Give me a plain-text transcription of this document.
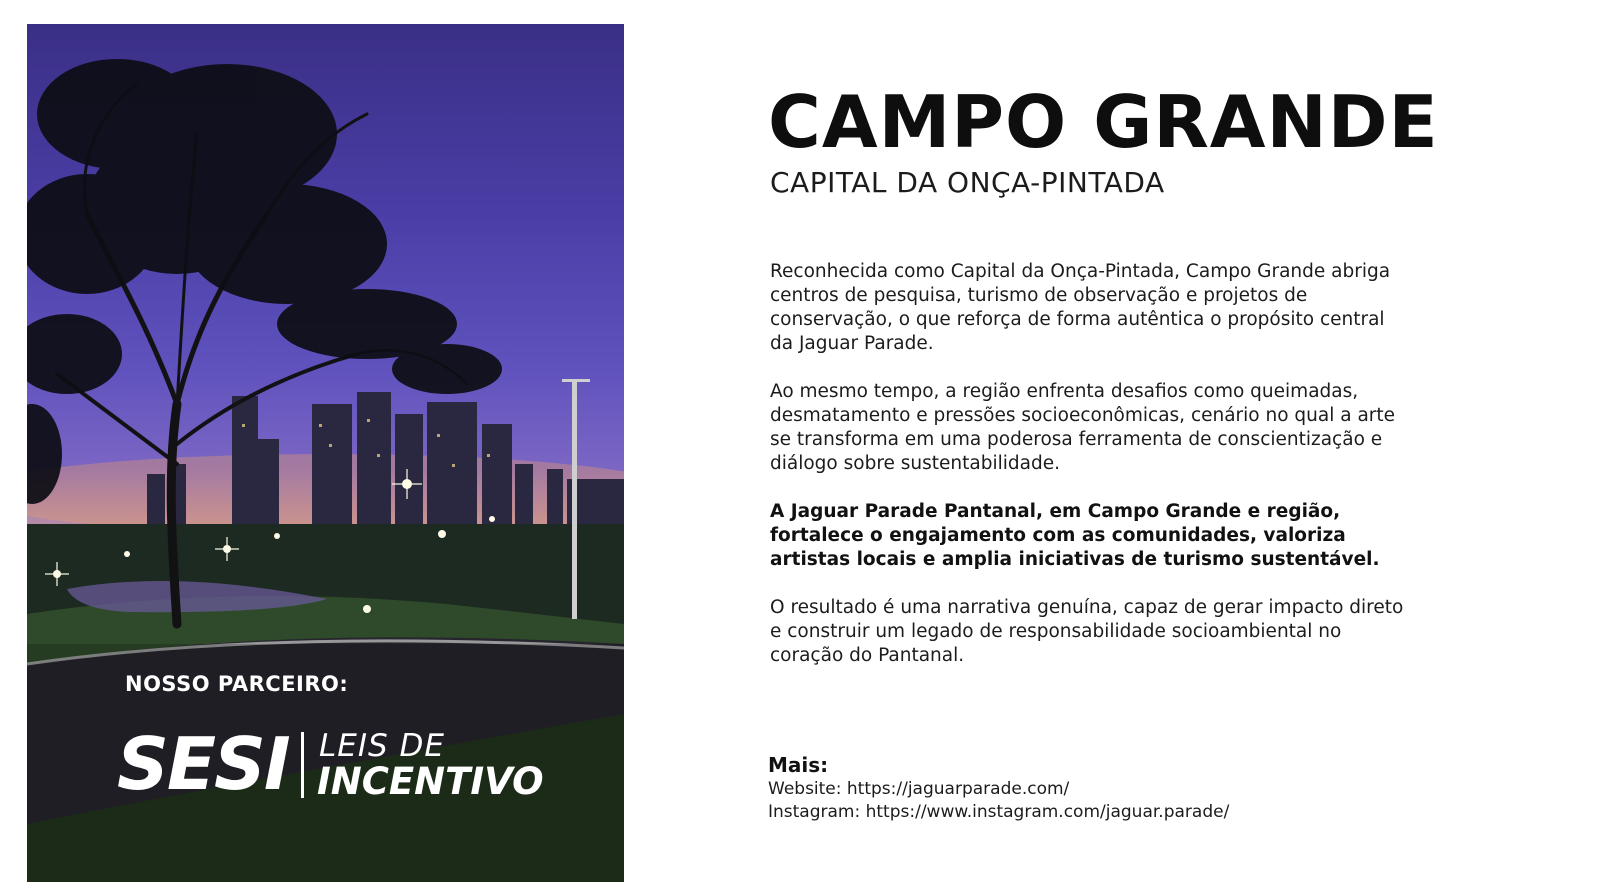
NOSSO PARCEIRO:
SESI LEIS DE
INCENTIVO
CAMPO GRANDE
CAPITAL DA ONÇA-PINTADA

Reconhecida como Capital da Onça-Pintada, Campo Grande abriga centros de pesquisa, turismo de observação e projetos de conservação, o que reforça de forma autêntica o propósito central da Jaguar Parade.

Ao mesmo tempo, a região enfrenta desafios como queimadas, desmatamento e pressões socioeconômicas, cenário no qual a arte se transforma em uma poderosa ferramenta de conscientização e diálogo sobre sustentabilidade.

A Jaguar Parade Pantanal, em Campo Grande e região, fortalece o engajamento com as comunidades, valoriza artistas locais e amplia iniciativas de turismo sustentável.

O resultado é uma narrativa genuína, capaz de gerar impacto direto e construir um legado de responsabilidade socioambiental no coração do Pantanal.

Mais:
Website: https://jaguarparade.com/
Instagram: https://www.instagram.com/jaguar.parade/
